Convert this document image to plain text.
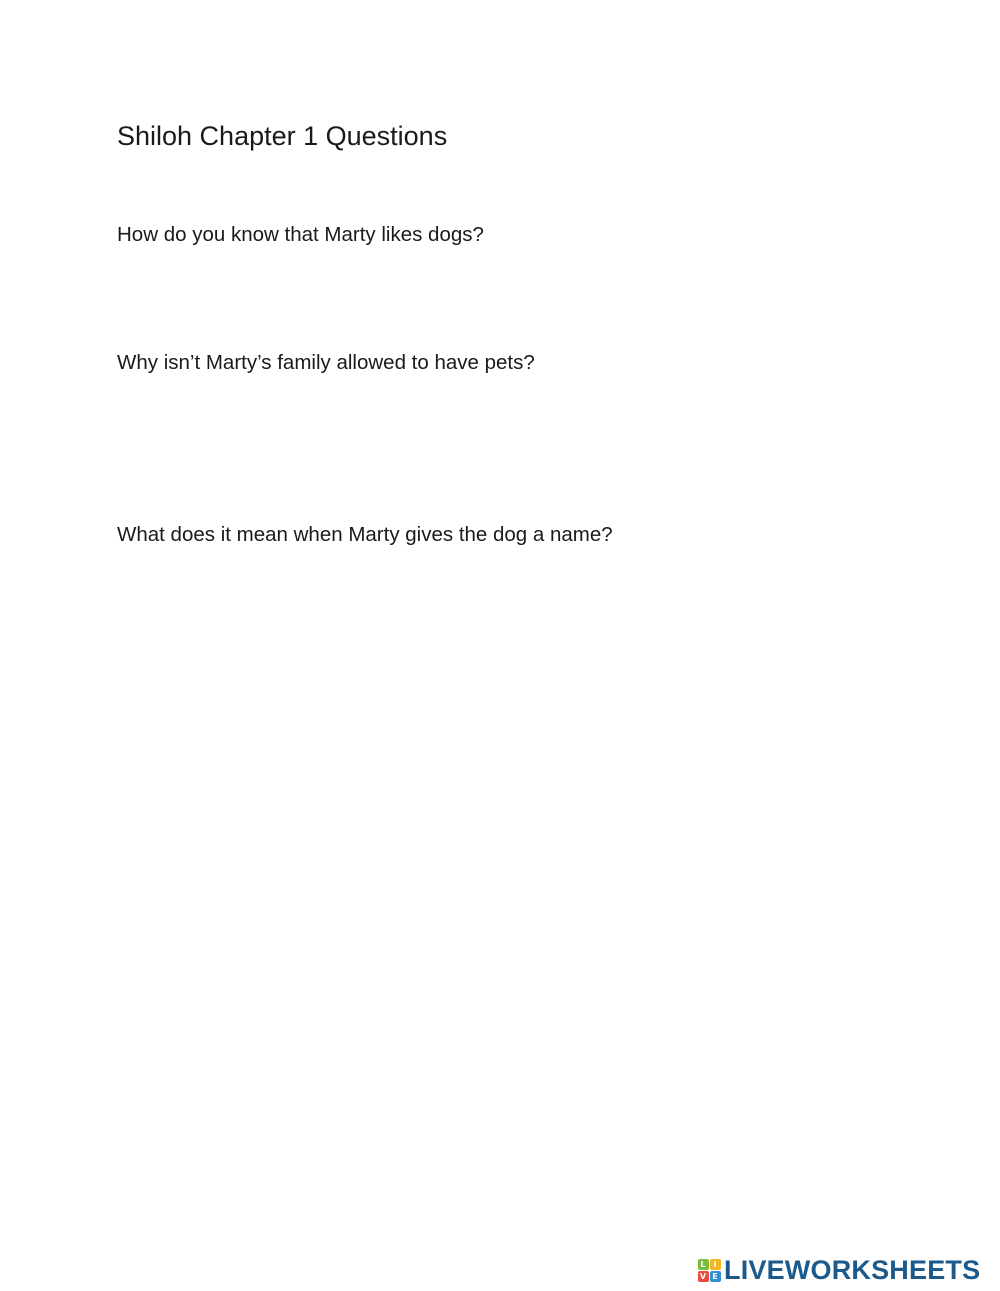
Shiloh Chapter 1 Questions
How do you know that Marty likes dogs?
Why isn’t Marty’s family allowed to have pets?
What does it mean when Marty gives the dog a name?
L I
V E LIVEWORKSHEETS
